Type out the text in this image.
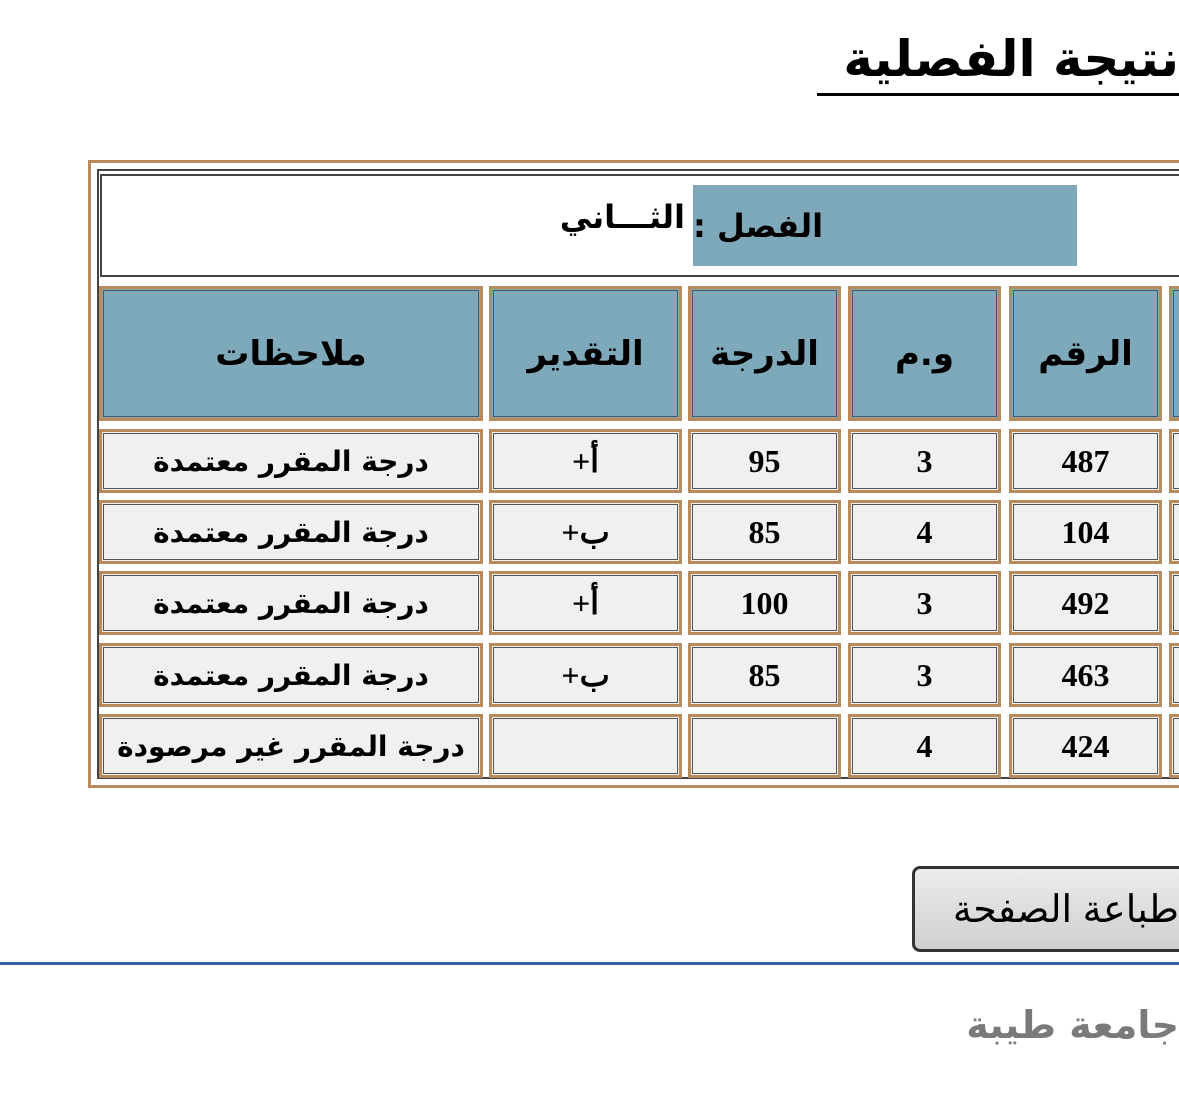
نتيجة الفصلية
الفصل :
الثـــاني
الرقم
و.م
الدرجة
التقدير
ملاحظات
487
3
95
أ+
درجة المقرر معتمدة
104
4
85
ب+
درجة المقرر معتمدة
492
3
100
أ+
درجة المقرر معتمدة
463
3
85
ب+
درجة المقرر معتمدة
424
4
درجة المقرر غير مرصودة
طباعة الصفحة
جامعة طيبة
